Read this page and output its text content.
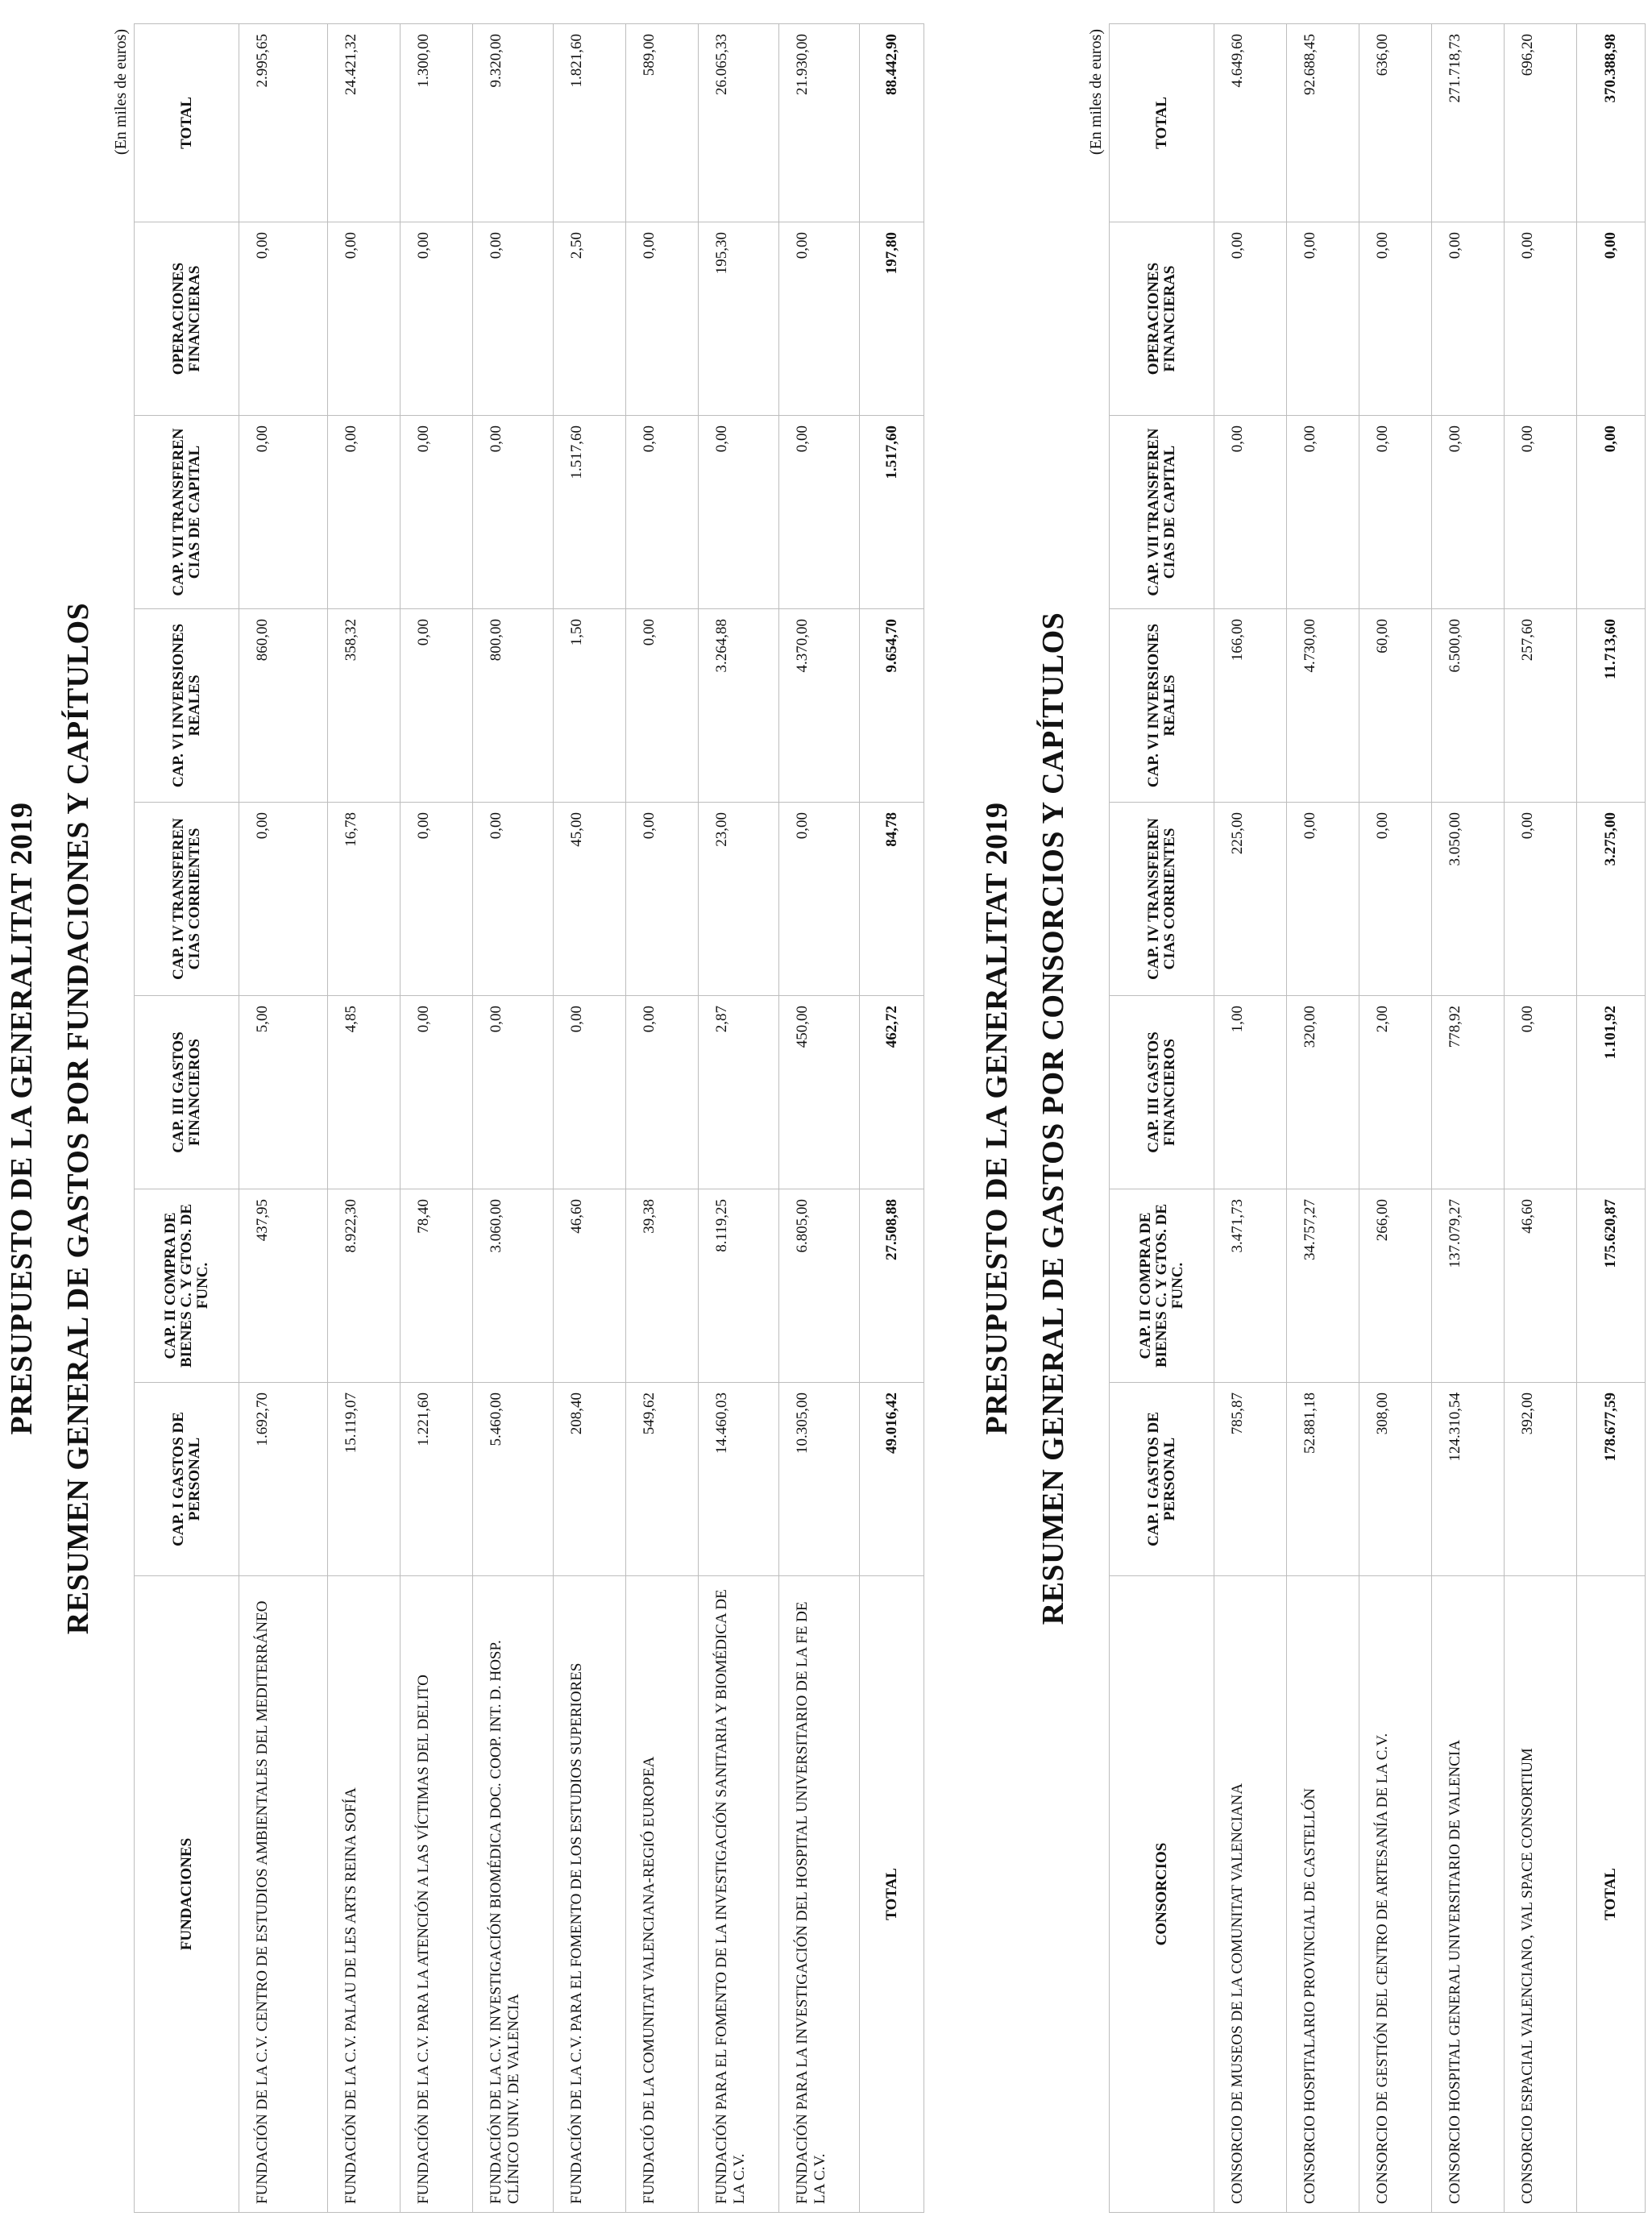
PRESUPUESTO DE LA GENERALITAT 2019 RESUMEN GENERAL DE GASTOS POR FUNDACIONES Y CAPÍTULOS
(En miles de euros)
FUNDACIONES	CAP. I GASTOS DE PERSONAL	CAP. II COMPRA DE BIENES C. Y GTOS. DE FUNC.	CAP. III GASTOS FINANCIEROS	CAP. IV TRANSFEREN CIAS CORRIENTES	CAP. VI INVERSIONES REALES	CAP. VII TRANSFEREN CIAS DE CAPITAL	OPERACIONES FINANCIERAS	TOTAL
FUNDACIÓN DE LA C.V. CENTRO DE ESTUDIOS AMBIENTALES DEL MEDITERRÁNEO	1.692,70	437,95	5,00	0,00	860,00	0,00	0,00	2.995,65
FUNDACIÓN DE LA C.V. PALAU DE LES ARTS REINA SOFÍA	15.119,07	8.922,30	4,85	16,78	358,32	0,00	0,00	24.421,32
FUNDACIÓN DE LA C.V. PARA LA ATENCIÓN A LAS VÍCTIMAS DEL DELITO	1.221,60	78,40	0,00	0,00	0,00	0,00	0,00	1.300,00
FUNDACIÓN DE LA C.V. INVESTIGACIÓN BIOMÉDICA DOC. COOP. INT. D. HOSP. CLÍNICO UNIV. DE VALENCIA	5.460,00	3.060,00	0,00	0,00	800,00	0,00	0,00	9.320,00
FUNDACIÓN DE LA C.V. PARA EL FOMENTO DE LOS ESTUDIOS SUPERIORES	208,40	46,60	0,00	45,00	1,50	1.517,60	2,50	1.821,60
FUNDACIÓ DE LA COMUNITAT VALENCIANA-REGIÓ EUROPEA	549,62	39,38	0,00	0,00	0,00	0,00	0,00	589,00
FUNDACIÓN PARA EL FOMENTO DE LA INVESTIGACIÓN SANITARIA Y BIOMÉDICA DE LA C.V.	14.460,03	8.119,25	2,87	23,00	3.264,88	0,00	195,30	26.065,33
FUNDACIÓN PARA LA INVESTIGACIÓN DEL HOSPITAL UNIVERSITARIO DE LA FE DE LA C.V.	10.305,00	6.805,00	450,00	0,00	4.370,00	0,00	0,00	21.930,00
TOTAL	49.016,42	27.508,88	462,72	84,78	9.654,70	1.517,60	197,80	88.442,90
PRESUPUESTO DE LA GENERALITAT 2019 RESUMEN GENERAL DE GASTOS POR CONSORCIOS Y CAPÍTULOS
(En miles de euros)
CONSORCIOS	CAP. I GASTOS DE PERSONAL	CAP. II COMPRA DE BIENES C. Y GTOS. DE FUNC.	CAP. III GASTOS FINANCIEROS	CAP. IV TRANSFEREN CIAS CORRIENTES	CAP. VI INVERSIONES REALES	CAP. VII TRANSFEREN CIAS DE CAPITAL	OPERACIONES FINANCIERAS	TOTAL
CONSORCIO DE MUSEOS DE LA COMUNITAT VALENCIANA	785,87	3.471,73	1,00	225,00	166,00	0,00	0,00	4.649,60
CONSORCIO HOSPITALARIO PROVINCIAL DE CASTELLÓN	52.881,18	34.757,27	320,00	0,00	4.730,00	0,00	0,00	92.688,45
CONSORCIO DE GESTIÓN DEL CENTRO DE ARTESANÍA DE LA C.V.	308,00	266,00	2,00	0,00	60,00	0,00	0,00	636,00
CONSORCIO HOSPITAL GENERAL UNIVERSITARIO DE VALENCIA	124.310,54	137.079,27	778,92	3.050,00	6.500,00	0,00	0,00	271.718,73
CONSORCIO ESPACIAL VALENCIANO, VAL SPACE CONSORTIUM	392,00	46,60	0,00	0,00	257,60	0,00	0,00	696,20
TOTAL	178.677,59	175.620,87	1.101,92	3.275,00	11.713,60	0,00	0,00	370.388,98
